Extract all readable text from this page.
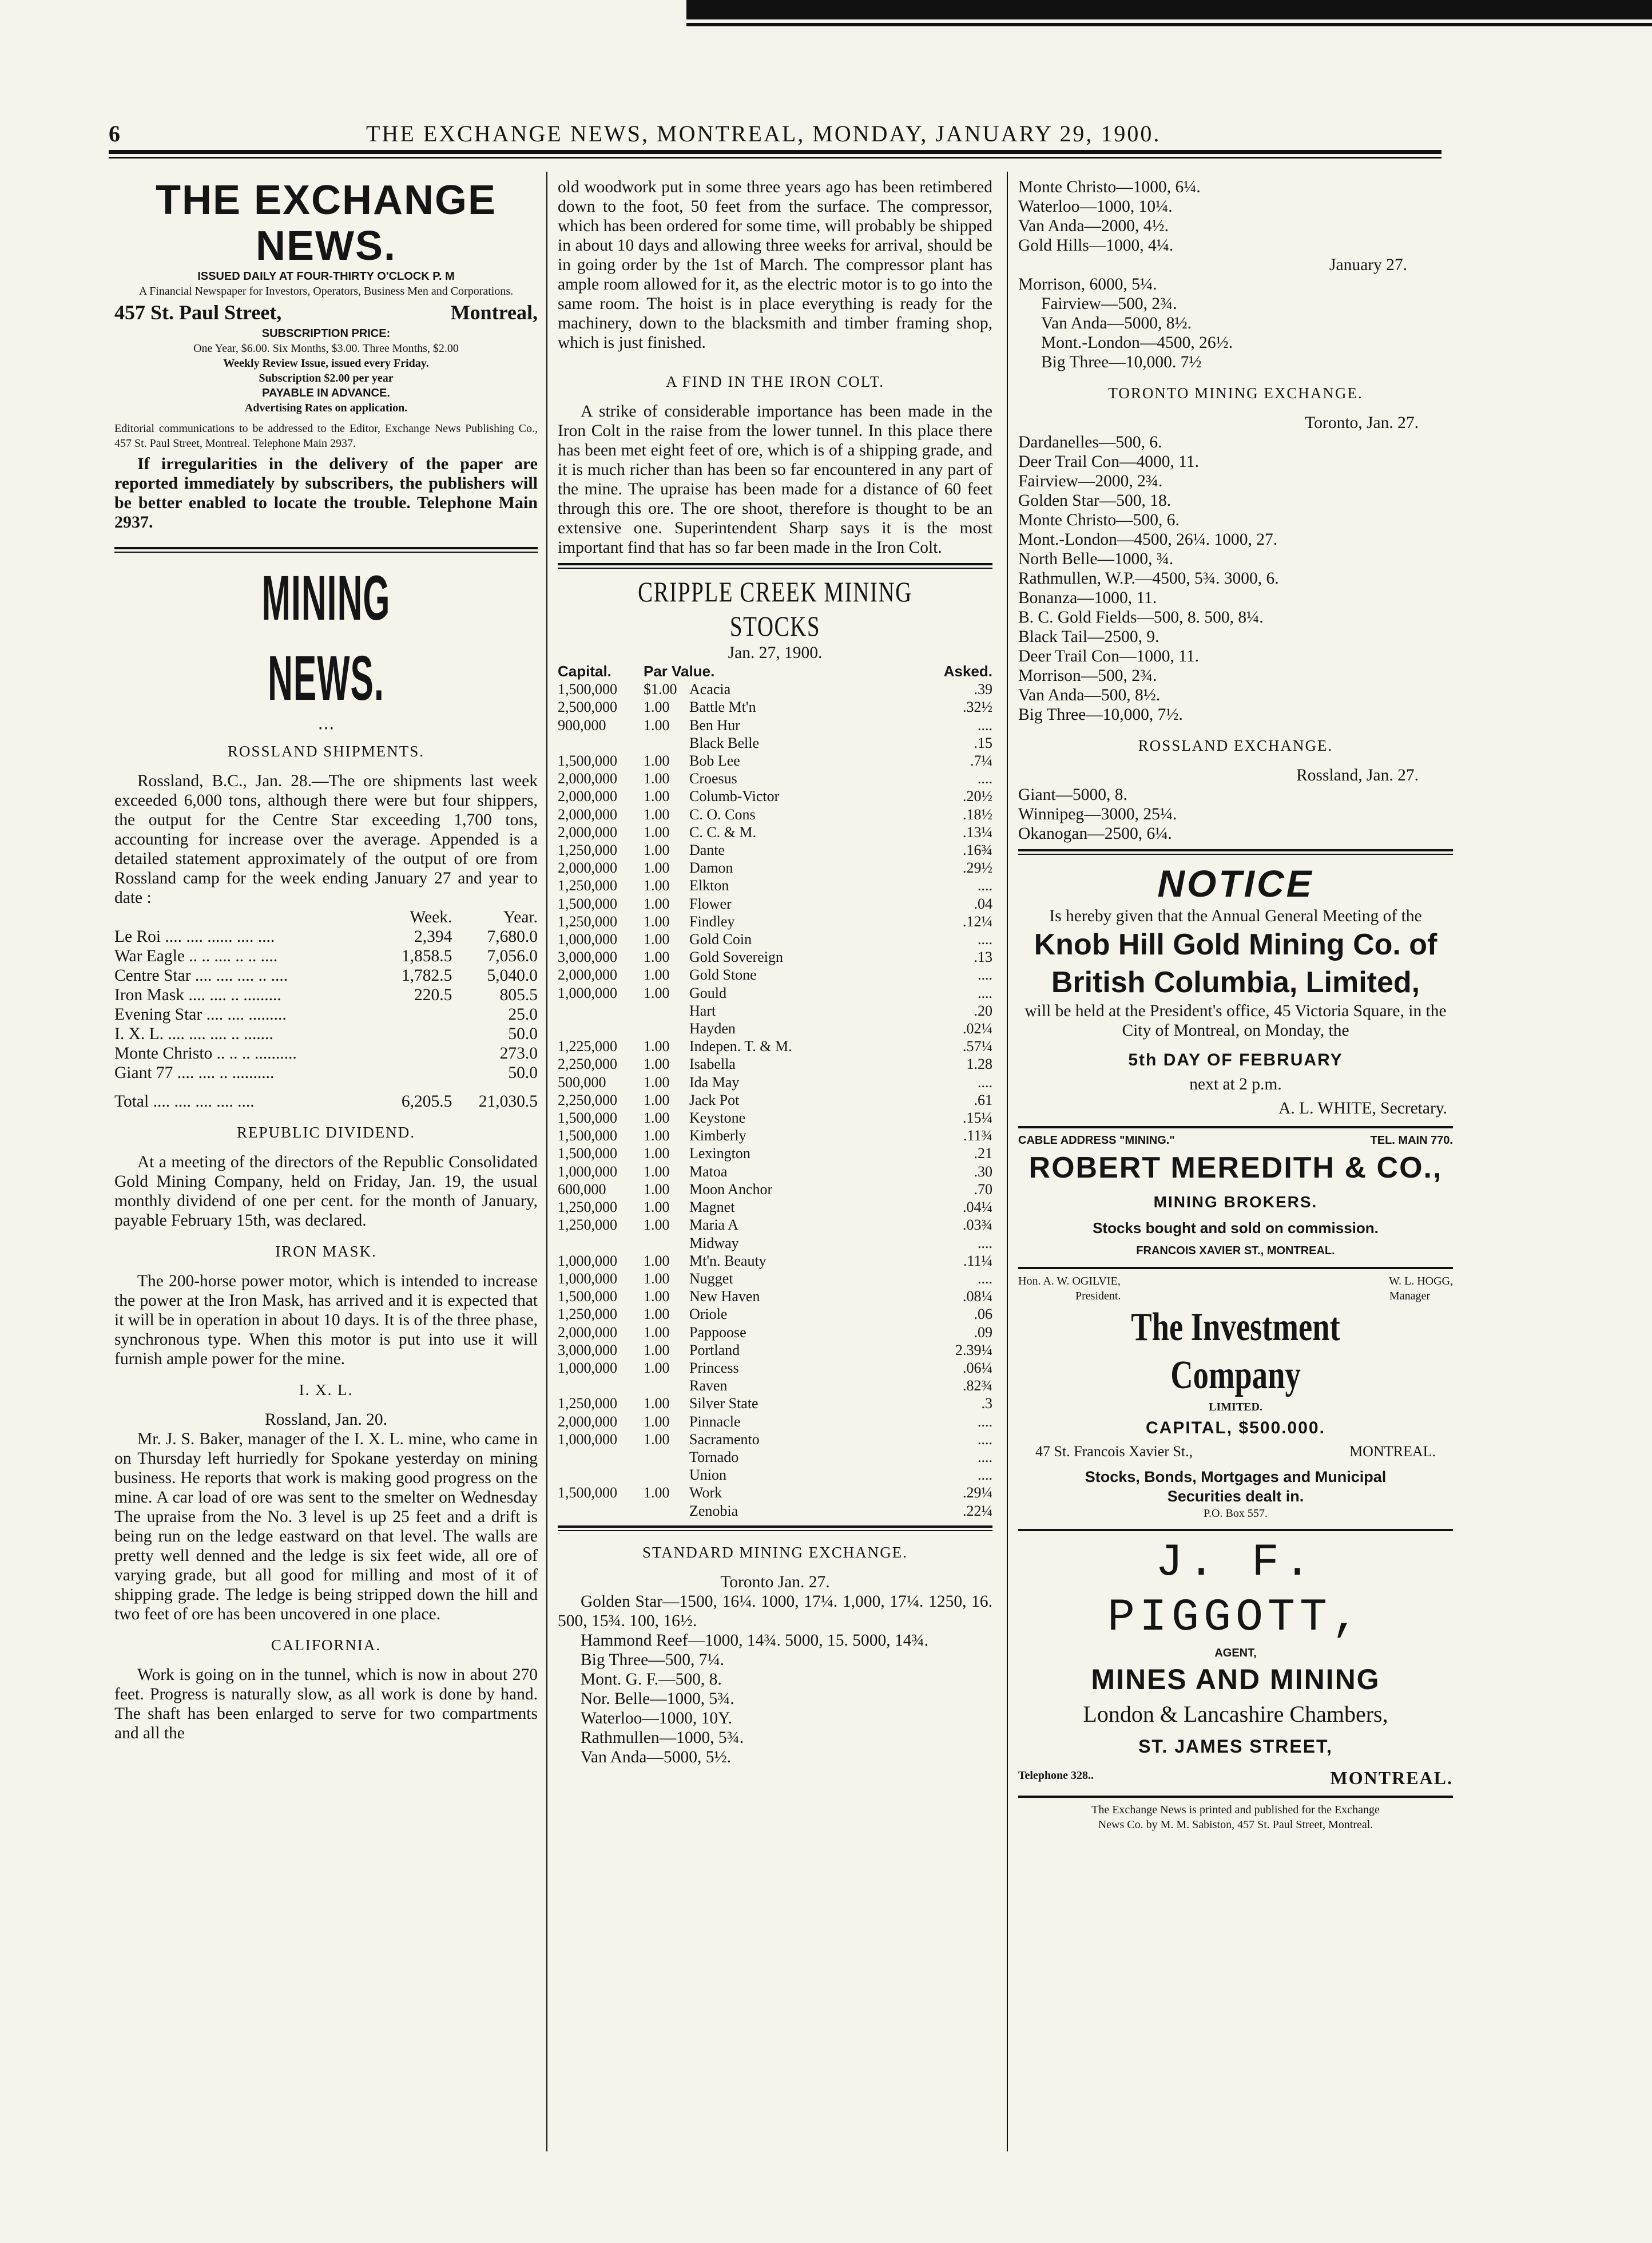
6	THE EXCHANGE NEWS, MONTREAL, MONDAY, JANUARY 29, 1900.
THE EXCHANGE NEWS.
ISSUED DAILY AT FOUR-THIRTY O'CLOCK P. M
A Financial Newspaper for Investors, Operators, Business Men and Corporations.
457 St. Paul Street,	Montreal,
SUBSCRIPTION PRICE:
One Year, $6.00. Six Months, $3.00. Three Months, $2.00
Weekly Review Issue, issued every Friday.
Subscription $2.00 per year
PAYABLE IN ADVANCE.
Advertising Rates on application.
Editorial communications to be addressed to the Editor, Exchange News Publishing Co., 457 St. Paul Street, Montreal. Telephone Main 2937.
If irregularities in the delivery of the paper are reported immediately by subscribers, the publishers will be better enabled to locate the trouble. Telephone Main 2937.
MINING NEWS.
⋯
ROSSLAND SHIPMENTS.
Rossland, B.C., Jan. 28.—The ore shipments last week exceeded 6,000 tons, although there were but four shippers, the output for the Centre Star exceeding 1,700 tons, accounting for increase over the average. Appended is a detailed statement approximately of the output of ore from Rossland camp for the week ending January 27 and year to date :
	Week.	Year.
Le Roi .... .... ...... .... ....	2,394	7,680.0
War Eagle .. .. .... .. .. ....	1,858.5	7,056.0
Centre Star .... .... .... .. ....	1,782.5	5,040.0
Iron Mask .... .... .. .........	220.5	805.5
Evening Star .... .... .........		25.0
I. X. L. .... .... .... .. .......		50.0
Monte Christo .. .. .. ..........		273.0
Giant 77 .... .... .. ..........		50.0
Total .... .... .... .... ....	6,205.5	21,030.5
REPUBLIC DIVIDEND.
At a meeting of the directors of the Republic Consolidated Gold Mining Company, held on Friday, Jan. 19, the usual monthly dividend of one per cent. for the month of January, payable February 15th, was declared.
IRON MASK.
The 200-horse power motor, which is intended to increase the power at the Iron Mask, has arrived and it is expected that it will be in operation in about 10 days. It is of the three phase, synchronous type. When this motor is put into use it will furnish ample power for the mine.
I. X. L.
Rossland, Jan. 20.
Mr. J. S. Baker, manager of the I. X. L. mine, who came in on Thursday left hurriedly for Spokane yesterday on mining business. He reports that work is making good progress on the mine. A car load of ore was sent to the smelter on Wednesday The upraise from the No. 3 level is up 25 feet and a drift is being run on the ledge eastward on that level. The walls are pretty well denned and the ledge is six feet wide, all ore of varying grade, but all good for milling and most of it of shipping grade. The ledge is being stripped down the hill and two feet of ore has been uncovered in one place.
CALIFORNIA.
Work is going on in the tunnel, which is now in about 270 feet. Progress is naturally slow, as all work is done by hand. The shaft has been enlarged to serve for two compartments and all the
old woodwork put in some three years ago has been retimbered down to the foot, 50 feet from the surface. The compressor, which has been ordered for some time, will probably be shipped in about 10 days and allowing three weeks for arrival, should be in going order by the 1st of March. The compressor plant has ample room allowed for it, as the electric motor is to go into the same room. The hoist is in place everything is ready for the machinery, down to the blacksmith and timber framing shop, which is just finished.
A FIND IN THE IRON COLT.
A strike of considerable importance has been made in the Iron Colt in the raise from the lower tunnel. In this place there has been met eight feet of ore, which is of a shipping grade, and it is much richer than has been so far encountered in any part of the mine. The upraise has been made for a distance of 60 feet through this ore. The ore shoot, therefore is thought to be an extensive one. Superintendent Sharp says it is the most important find that has so far been made in the Iron Colt.
CRIPPLE CREEK MINING STOCKS
Jan. 27, 1900.
Capital.	Par Value.	Asked.
1,500,000	$1.00	Acacia	.39
2,500,000	1.00	Battle Mt'n	.32½
900,000	1.00	Ben Hur	....
		Black Belle	.15
1,500,000	1.00	Bob Lee	.7¼
2,000,000	1.00	Croesus	....
2,000,000	1.00	Columb-Victor	.20½
2,000,000	1.00	C. O. Cons	.18½
2,000,000	1.00	C. C. & M.	.13¼
1,250,000	1.00	Dante	.16¾
2,000,000	1.00	Damon	.29½
1,250,000	1.00	Elkton	....
1,500,000	1.00	Flower	.04
1,250,000	1.00	Findley	.12¼
1,000,000	1.00	Gold Coin	....
3,000,000	1.00	Gold Sovereign	.13
2,000,000	1.00	Gold Stone	....
1,000,000	1.00	Gould	....
		Hart	.20
		Hayden	.02¼
1,225,000	1.00	Indepen. T. & M.	.57¼
2,250,000	1.00	Isabella	1.28
500,000	1.00	Ida May	....
2,250,000	1.00	Jack Pot	.61
1,500,000	1.00	Keystone	.15¼
1,500,000	1.00	Kimberly	.11¾
1,500,000	1.00	Lexington	.21
1,000,000	1.00	Matoa	.30
600,000	1.00	Moon Anchor	.70
1,250,000	1.00	Magnet	.04¼
1,250,000	1.00	Maria A	.03¾
		Midway	....
1,000,000	1.00	Mt'n. Beauty	.11¼
1,000,000	1.00	Nugget	....
1,500,000	1.00	New Haven	.08¼
1,250,000	1.00	Oriole	.06
2,000,000	1.00	Pappoose	.09
3,000,000	1.00	Portland	2.39¼
1,000,000	1.00	Princess	.06¼
		Raven	.82¾
1,250,000	1.00	Silver State	.3
2,000,000	1.00	Pinnacle	....
1,000,000	1.00	Sacramento	....
		Tornado	....
		Union	....
1,500,000	1.00	Work	.29¼
		Zenobia	.22¼
STANDARD MINING EXCHANGE.
Toronto Jan. 27.
Golden Star—1500, 16¼. 1000, 17¼. 1,000, 17¼. 1250, 16. 500, 15¾. 100, 16½.
Hammond Reef—1000, 14¾. 5000, 15. 5000, 14¾.
Big Three—500, 7¼.
Mont. G. F.—500, 8.
Nor. Belle—1000, 5¾.
Waterloo—1000, 10Y.
Rathmullen—1000, 5¾.
Van Anda—5000, 5½.
Monte Christo—1000, 6¼.
Waterloo—1000, 10¼.
Van Anda—2000, 4½.
Gold Hills—1000, 4¼.
January 27.
Morrison, 6000, 5¼.
Fairview—500, 2¾.
Van Anda—5000, 8½.
Mont.-London—4500, 26½.
Big Three—10,000. 7½
TORONTO MINING EXCHANGE.
Toronto, Jan. 27.
Dardanelles—500, 6.
Deer Trail Con—4000, 11.
Fairview—2000, 2¾.
Golden Star—500, 18.
Monte Christo—500, 6.
Mont.-London—4500, 26¼. 1000, 27.
North Belle—1000, ¾.
Rathmullen, W.P.—4500, 5¾. 3000, 6.
Bonanza—1000, 11.
B. C. Gold Fields—500, 8. 500, 8¼.
Black Tail—2500, 9.
Deer Trail Con—1000, 11.
Morrison—500, 2¾.
Van Anda—500, 8½.
Big Three—10,000, 7½.
ROSSLAND EXCHANGE.
Rossland, Jan. 27.
Giant—5000, 8.
Winnipeg—3000, 25¼.
Okanogan—2500, 6¼.
NOTICE
Is hereby given that the Annual General Meeting of the
Knob Hill Gold Mining Co. of
British Columbia, Limited,
will be held at the President's office, 45 Victoria Square, in the City of Montreal, on Monday, the
5th DAY OF FEBRUARY
next at 2 p.m.
A. L. WHITE, Secretary.
CABLE ADDRESS "MINING."	TEL. MAIN 770.
ROBERT MEREDITH & CO.,
MINING BROKERS.
Stocks bought and sold on commission.
FRANCOIS XAVIER ST., MONTREAL.
Hon. A. W. OGILVIE,	W. L. HOGG,
President.	Manager
The Investment Company
LIMITED.
CAPITAL, $500.000.
47 St. Francois Xavier St.,	MONTREAL.
Stocks, Bonds, Mortgages and Municipal Securities dealt in.
P.O. Box 557.
J. F. PIGGOTT,
AGENT,
MINES AND MINING
London & Lancashire Chambers,
ST. JAMES STREET,
Telephone 328..	MONTREAL.
The Exchange News is printed and published for the Exchange News Co. by M. M. Sabiston, 457 St. Paul Street, Montreal.
